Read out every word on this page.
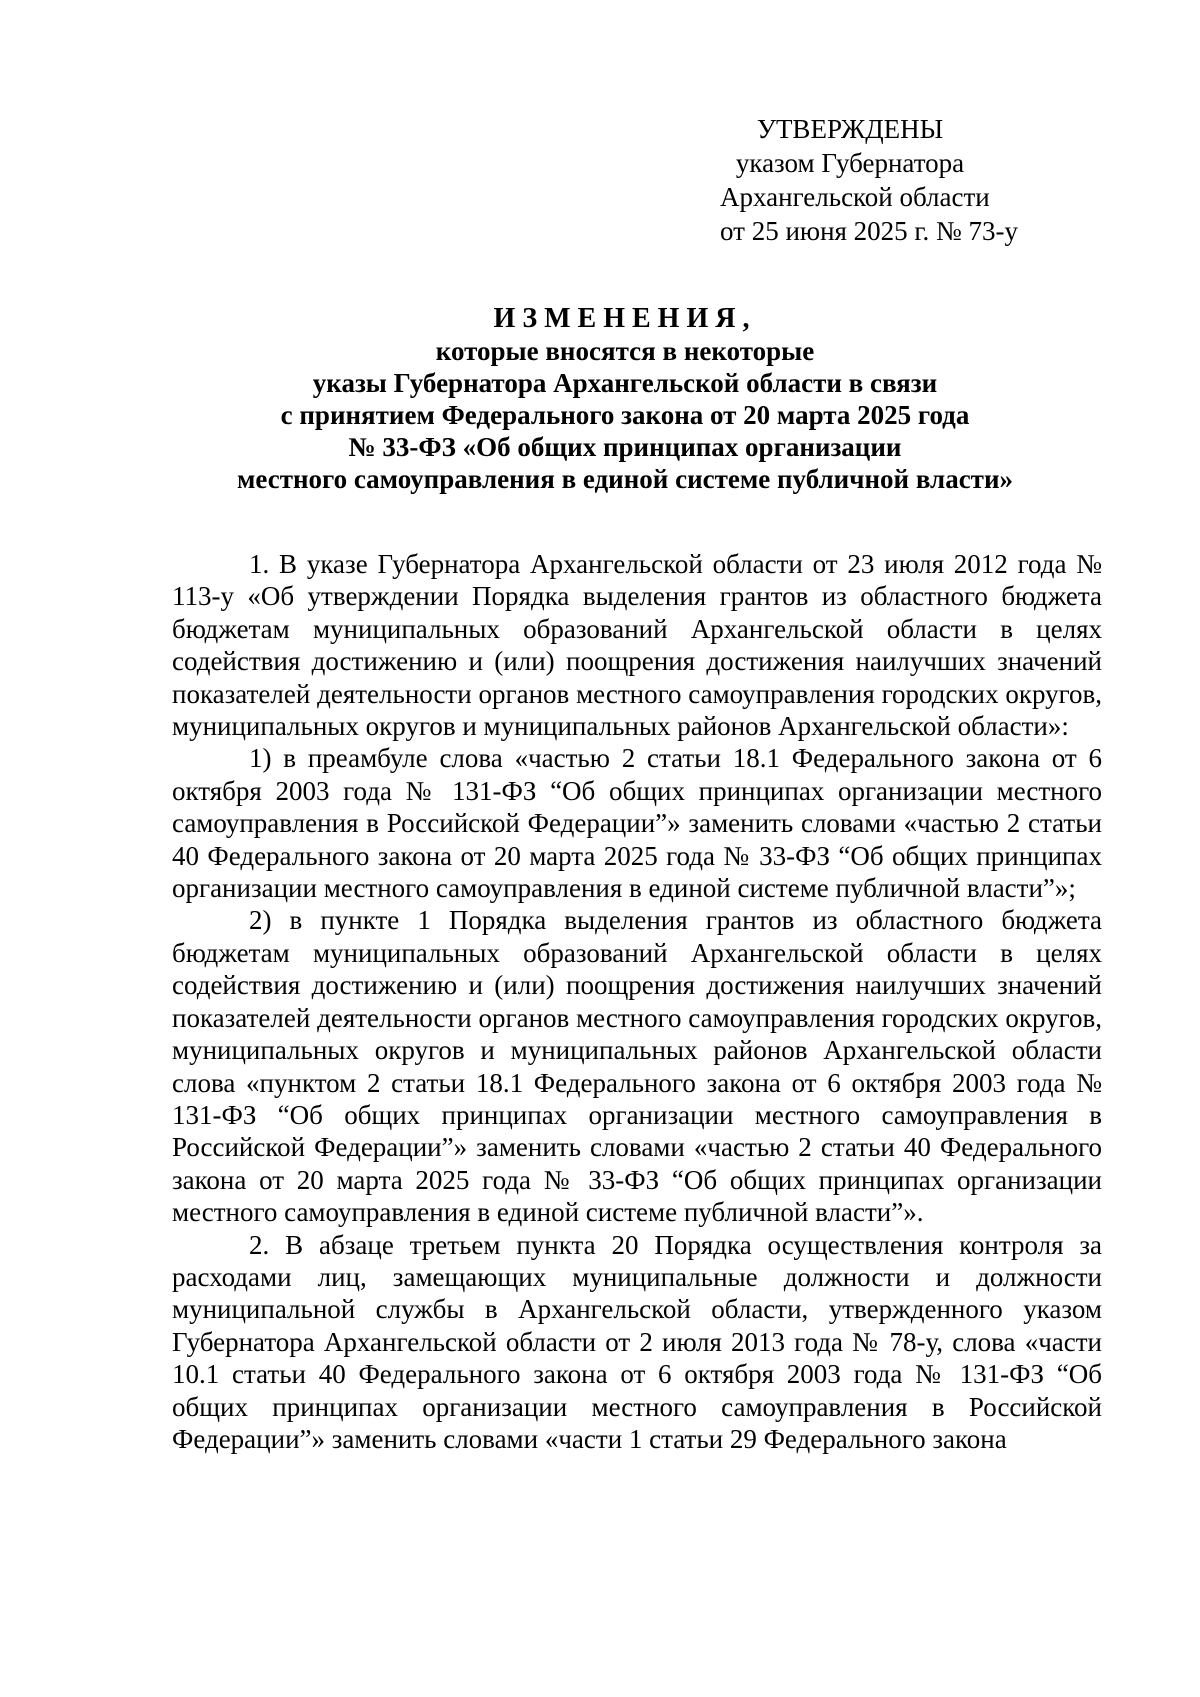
УТВЕРЖДЕНЫ
указом Губернатора
Архангельской области
от 25 июня 2025 г. № 73-у
ИЗМЕНЕНИЯ,
которые вносятся в некоторые
указы Губернатора Архангельской области в связи
с принятием Федерального закона от 20 марта 2025 года
№ 33-ФЗ «Об общих принципах организации
местного самоуправления в единой системе публичной власти»

1. В указе Губернатора Архангельской области от 23 июля 2012 года № 113-у «Об утверждении Порядка выделения грантов из областного бюджета бюджетам муниципальных образований Архангельской области в целях содействия достижению и (или) поощрения достижения наилучших значений показателей деятельности органов местного самоуправления городских округов, муниципальных округов и муниципальных районов Архангельской области»:

1) в преамбуле слова «частью 2 статьи 18.1 Федерального закона от 6 октября 2003 года № 131-ФЗ “Об общих принципах организации местного самоуправления в Российской Федерации”» заменить словами «частью 2 статьи 40 Федерального закона от 20 марта 2025 года № 33-ФЗ “Об общих принципах организации местного самоуправления в единой системе публичной власти”»;

2) в пункте 1 Порядка выделения грантов из областного бюджета бюджетам муниципальных образований Архангельской области в целях содействия достижению и (или) поощрения достижения наилучших значений показателей деятельности органов местного самоуправления городских округов, муниципальных округов и муниципальных районов Архангельской области слова «пунктом 2 статьи 18.1 Федерального закона от 6 октября 2003 года № 131-ФЗ “Об общих принципах организации местного самоуправления в Российской Федерации”» заменить словами «частью 2 статьи 40 Федерального закона от 20 марта 2025 года № 33-ФЗ “Об общих принципах организации местного самоуправления в единой системе публичной власти”».

2. В абзаце третьем пункта 20 Порядка осуществления контроля за расходами лиц, замещающих муниципальные должности и должности муниципальной службы в Архангельской области, утвержденного указом Губернатора Архангельской области от 2 июля 2013 года № 78-у, слова «части 10.1 статьи 40 Федерального закона от 6 октября 2003 года № 131-ФЗ “Об общих принципах организации местного самоуправления в Российской Федерации”» заменить словами «части 1 статьи 29 Федерального закона
